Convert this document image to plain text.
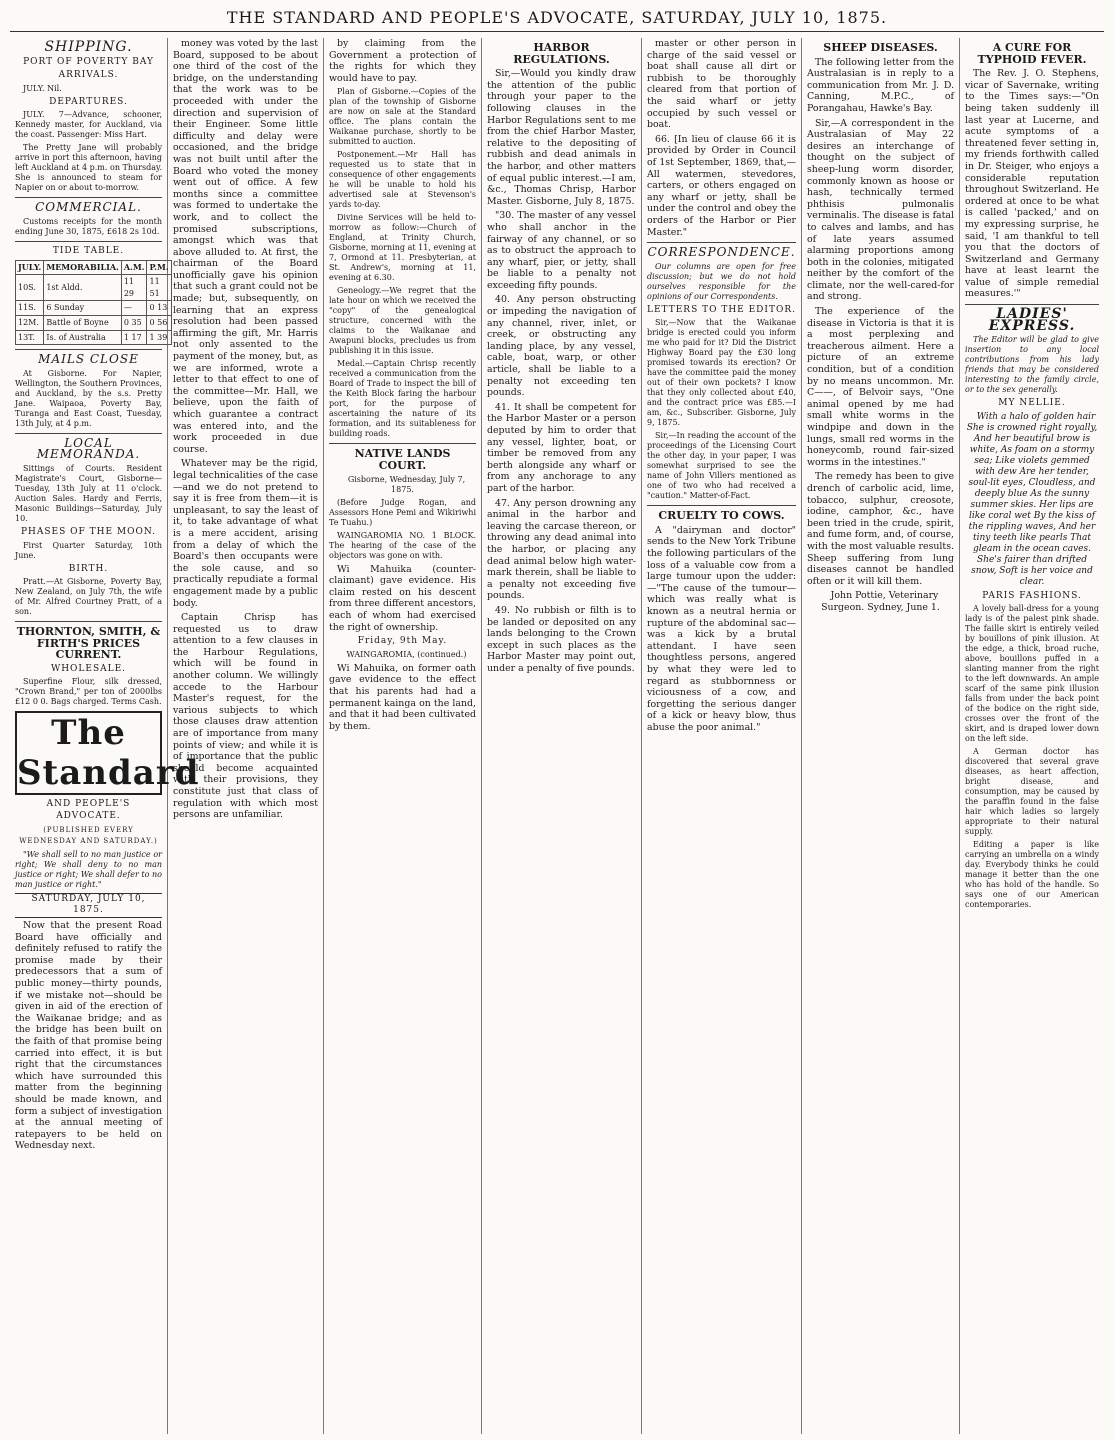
THE STANDARD AND PEOPLE'S ADVOCATE, SATURDAY, JULY 10, 1875.
SHIPPING.
PORT OF POVERTY BAY
ARRIVALS.

JULY. Nil.

DEPARTURES.

JULY. 7—Advance, schooner, Kennedy master, for Auckland, via the coast. Passenger: Miss Hart.

The Pretty Jane will probably arrive in port this afternoon, having left Auckland at 4 p.m. on Thursday. She is announced to steam for Napier on or about to-morrow.

COMMERCIAL.

Customs receipts for the month ending June 30, 1875, £618 2s 10d.

TIDE TABLE.
JULY.	MEMORABILIA.	A.M.	P.M.
10S.	1st Aldd.	11 29	11 51
11S.	6 Sunday	—	0 13
12M.	Battle of Boyne	0 35	0 56
13T.	Is. of Australia	1 17	1 39
MAILS CLOSE

At Gisborne. For Napier, Wellington, the Southern Provinces, and Auckland, by the s.s. Pretty Jane. Waipaoa, Poverty Bay, Turanga and East Coast, Tuesday, 13th July, at 4 p.m.

LOCAL MEMORANDA.

Sittings of Courts. Resident Magistrate's Court, Gisborne—Tuesday, 13th July at 11 o'clock. Auction Sales. Hardy and Ferris, Masonic Buildings—Saturday, July 10.

PHASES OF THE MOON.

First Quarter Saturday, 10th June.

BIRTH.

Pratt.—At Gisborne, Poverty Bay, New Zealand, on July 7th, the wife of Mr. Alfred Courtney Pratt, of a son.

THORNTON, SMITH, & FIRTH'S PRICES CURRENT.
WHOLESALE.

Superfine Flour, silk dressed, "Crown Brand," per ton of 2000lbs £12 0 0. Bags charged. Terms Cash.

The Standard
AND PEOPLE'S ADVOCATE.
(PUBLISHED EVERY WEDNESDAY AND SATURDAY.)

"We shall sell to no man justice or right; We shall deny to no man justice or right; We shall defer to no man justice or right."

SATURDAY, JULY 10, 1875.

Now that the present Road Board have officially and definitely refused to ratify the promise made by their predecessors that a sum of public money—thirty pounds, if we mistake not—should be given in aid of the erection of the Waikanae bridge; and as the bridge has been built on the faith of that promise being carried into effect, it is but right that the circumstances which have surrounded this matter from the beginning should be made known, and form a subject of investigation at the annual meeting of ratepayers to be held on Wednesday next.

money was voted by the last Board, supposed to be about one third of the cost of the bridge, on the understanding that the work was to be proceeded with under the direction and supervision of their Engineer. Some little difficulty and delay were occasioned, and the bridge was not built until after the Board who voted the money went out of office. A few months since a committee was formed to undertake the work, and to collect the promised subscriptions, amongst which was that above alluded to. At first, the chairman of the Board unofficially gave his opinion that such a grant could not be made; but, subsequently, on learning that an express resolution had been passed affirming the gift, Mr. Harris not only assented to the payment of the money, but, as we are informed, wrote a letter to that effect to one of the committee—Mr. Hall, we believe, upon the faith of which guarantee a contract was entered into, and the work proceeded in due course.

Whatever may be the rigid, legal technicalities of the case—and we do not pretend to say it is free from them—it is unpleasant, to say the least of it, to take advantage of what is a mere accident, arising from a delay of which the Board's then occupants were the sole cause, and so practically repudiate a formal engagement made by a public body.

Captain Chrisp has requested us to draw attention to a few clauses in the Harbour Regulations, which will be found in another column. We willingly accede to the Harbour Master's request, for the various subjects to which those clauses draw attention are of importance from many points of view; and while it is of importance that the public should become acquainted with their provisions, they constitute just that class of regulation with which most persons are unfamiliar.

by claiming from the Government a protection of the rights for which they would have to pay.

Plan of Gisborne.—Copies of the plan of the township of Gisborne are now on sale at the Standard office. The plans contain the Waikanae purchase, shortly to be submitted to auction.

Postponement.—Mr Hall has requested us to state that in consequence of other engagements he will be unable to hold his advertised sale at Stevenson's yards to-day.

Divine Services will be held to-morrow as follow:—Church of England, at Trinity Church, Gisborne, morning at 11, evening at 7, Ormond at 11. Presbyterian, at St. Andrew's, morning at 11, evening at 6.30.

Geneology.—We regret that the late hour on which we received the "copy" of the genealogical structure, concerned with the claims to the Waikanae and Awapuni blocks, precludes us from publishing it in this issue.

Medal.—Captain Chrisp recently received a communication from the Board of Trade to inspect the bill of the Keith Block faring the harbour port, for the purpose of ascertaining the nature of its formation, and its suitableness for building roads.

NATIVE LANDS COURT.

Gisborne, Wednesday, July 7, 1875.

(Before Judge Rogan, and Assessors Hone Pemi and Wikiriwhi Te Tuahu.)

WAINGAROMIA NO. 1 BLOCK. The hearing of the case of the objectors was gone on with.

Wi Mahuika (counter-claimant) gave evidence. His claim rested on his descent from three different ancestors, each of whom had exercised the right of ownership.

Friday, 9th May.

WAINGAROMIA, (continued.)

Wi Mahuika, on former oath gave evidence to the effect that his parents had had a permanent kainga on the land, and that it had been cultivated by them.

HARBOR REGULATIONS.

Sir,—Would you kindly draw the attention of the public through your paper to the following clauses in the Harbor Regulations sent to me from the chief Harbor Master, relative to the depositing of rubbish and dead animals in the harbor, and other matters of equal public interest.—I am, &c., Thomas Chrisp, Harbor Master. Gisborne, July 8, 1875.

"30. The master of any vessel who shall anchor in the fairway of any channel, or so as to obstruct the approach to any wharf, pier, or jetty, shall be liable to a penalty not exceeding fifty pounds.

40. Any person obstructing or impeding the navigation of any channel, river, inlet, or creek, or obstructing any landing place, by any vessel, cable, boat, warp, or other article, shall be liable to a penalty not exceeding ten pounds.

41. It shall be competent for the Harbor Master or a person deputed by him to order that any vessel, lighter, boat, or timber be removed from any berth alongside any wharf or from any anchorage to any part of the harbor.

47. Any person drowning any animal in the harbor and leaving the carcase thereon, or throwing any dead animal into the harbor, or placing any dead animal below high water-mark therein, shall be liable to a penalty not exceeding five pounds.

49. No rubbish or filth is to be landed or deposited on any lands belonging to the Crown except in such places as the Harbor Master may point out, under a penalty of five pounds.

master or other person in charge of the said vessel or boat shall cause all dirt or rubbish to be thoroughly cleared from that portion of the said wharf or jetty occupied by such vessel or boat.

66. [In lieu of clause 66 it is provided by Order in Council of 1st September, 1869, that,— All watermen, stevedores, carters, or others engaged on any wharf or jetty, shall be under the control and obey the orders of the Harbor or Pier Master."

CORRESPONDENCE.

Our columns are open for free discussion; but we do not hold ourselves responsible for the opinions of our Correspondents.

LETTERS TO THE EDITOR.

Sir,—Now that the Waikanae bridge is erected could you inform me who paid for it? Did the District Highway Board pay the £30 long promised towards its erection? Or have the committee paid the money out of their own pockets? I know that they only collected about £40, and the contract price was £85.—I am, &c., Subscriber. Gisborne, July 9, 1875.

Sir,—In reading the account of the proceedings of the Licensing Court the other day, in your paper, I was somewhat surprised to see the name of John Villers mentioned as one of two who had received a "caution." Matter-of-Fact.

CRUELTY TO COWS.

A "dairyman and doctor" sends to the New York Tribune the following particulars of the loss of a valuable cow from a large tumour upon the udder:—"The cause of the tumour—which was really what is known as a neutral hernia or rupture of the abdominal sac—was a kick by a brutal attendant. I have seen thoughtless persons, angered by what they were led to regard as stubbornness or viciousness of a cow, and forgetting the serious danger of a kick or heavy blow, thus abuse the poor animal."

SHEEP DISEASES.

The following letter from the Australasian is in reply to a communication from Mr. J. D. Canning, M.P.C., of Porangahau, Hawke's Bay.

Sir,—A correspondent in the Australasian of May 22 desires an interchange of thought on the subject of sheep-lung worm disorder, commonly known as hoose or hash, technically termed phthisis pulmonalis verminalis. The disease is fatal to calves and lambs, and has of late years assumed alarming proportions among both in the colonies, mitigated neither by the comfort of the climate, nor the well-cared-for and strong.

The experience of the disease in Victoria is that it is a most perplexing and treacherous ailment. Here a picture of an extreme condition, but of a condition by no means uncommon. Mr. C——, of Belvoir says, "One animal opened by me had small white worms in the windpipe and down in the lungs, small red worms in the honeycomb, round fair-sized worms in the intestines."

The remedy has been to give drench of carbolic acid, lime, tobacco, sulphur, creosote, iodine, camphor, &c., have been tried in the crude, spirit, and fume form, and, of course, with the most valuable results. Sheep suffering from lung diseases cannot be handled often or it will kill them.

John Pottie, Veterinary Surgeon. Sydney, June 1.

A CURE FOR TYPHOID FEVER.

The Rev. J. O. Stephens, vicar of Savernake, writing to the Times says:—"On being taken suddenly ill last year at Lucerne, and acute symptoms of a threatened fever setting in, my friends forthwith called in Dr. Steiger, who enjoys a considerable reputation throughout Switzerland. He ordered at once to be what is called 'packed,' and on my expressing surprise, he said, 'I am thankful to tell you that the doctors of Switzerland and Germany have at least learnt the value of simple remedial measures.'"

LADIES' EXPRESS.

The Editor will be glad to give insertion to any local contributions from his lady friends that may be considered interesting to the family circle, or to the sex generally.

MY NELLIE.

With a halo of golden hair She is crowned right royally, And her beautiful brow is white, As foam on a stormy sea; Like violets gemmed with dew Are her tender, soul-lit eyes, Cloudless, and deeply blue As the sunny summer skies. Her lips are like coral wet By the kiss of the rippling waves, And her tiny teeth like pearls That gleam in the ocean caves. She's fairer than drifted snow, Soft is her voice and clear.

PARIS FASHIONS.

A lovely ball-dress for a young lady is of the palest pink shade. The faille skirt is entirely veiled by bouillons of pink illusion. At the edge, a thick, broad ruche, above, bouillons puffed in a slanting manner from the right to the left downwards. An ample scarf of the same pink illusion falls from under the back point of the bodice on the right side, crosses over the front of the skirt, and is draped lower down on the left side.

A German doctor has discovered that several grave diseases, as heart affection, bright disease, and consumption, may be caused by the paraffin found in the false hair which ladies so largely appropriate to their natural supply.

Editing a paper is like carrying an umbrella on a windy day. Everybody thinks he could manage it better than the one who has hold of the handle. So says one of our American contemporaries.
